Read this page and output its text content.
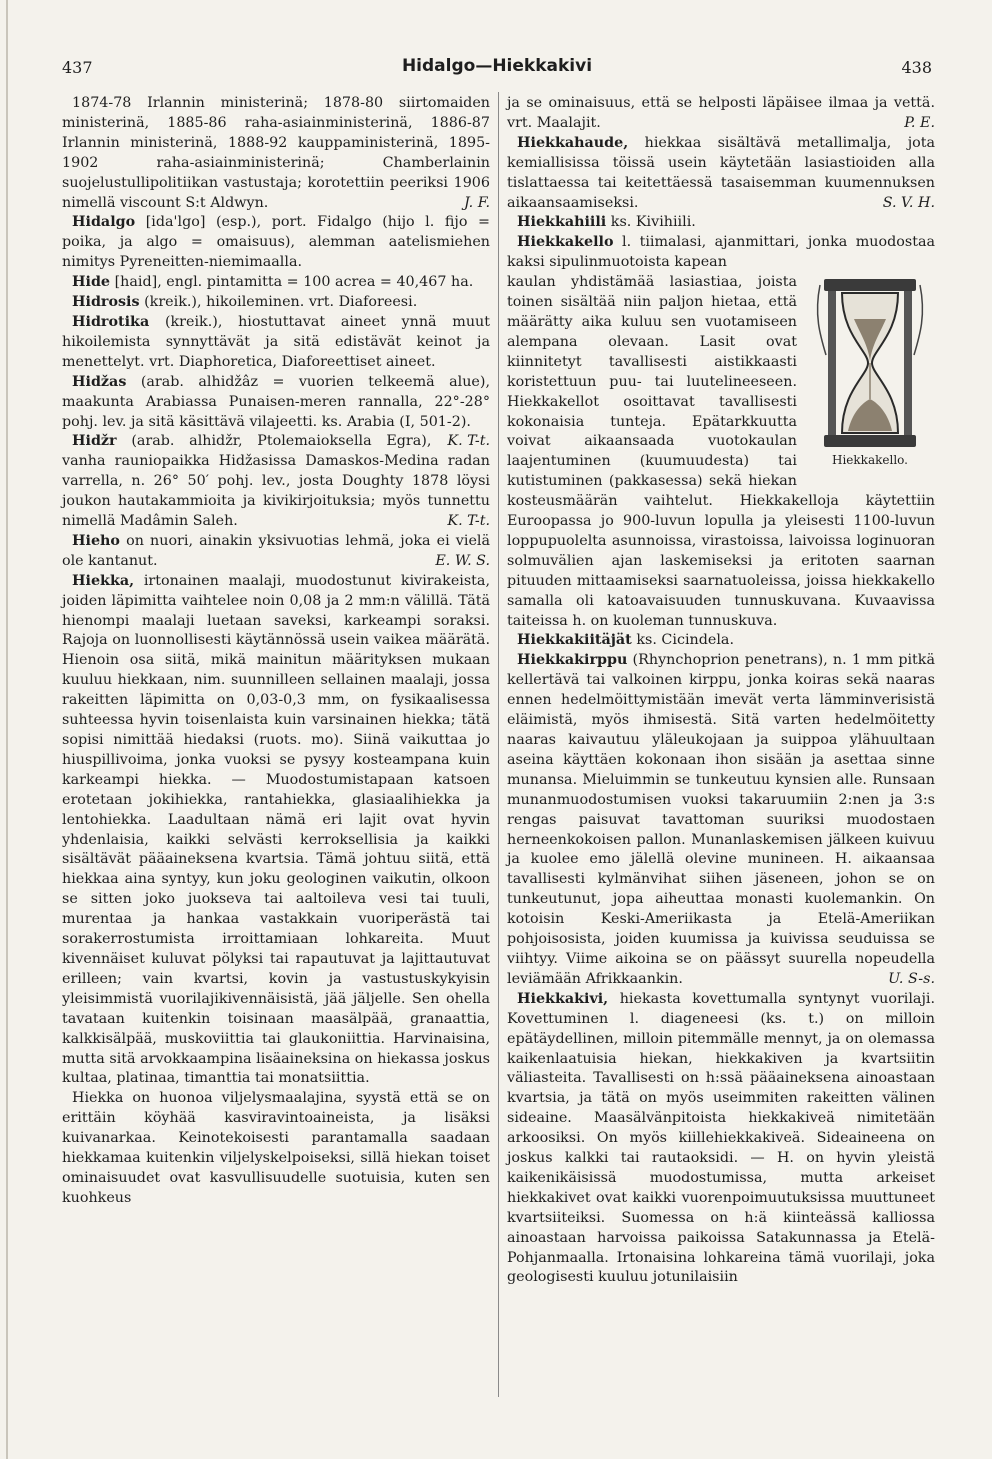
437	Hidalgo—Hiekkakivi	438

1874-78 Irlannin ministerinä; 1878-80 siirtomaiden ministerinä, 1885-86 raha-asiainministerinä, 1886-87 Irlannin ministerinä, 1888-92 kauppaministerinä, 1895-1902 raha-asiainministerinä; Chamberlainin suojelustullipolitiikan vastustaja; korotettiin peeriksi 1906 nimellä viscount S:t Aldwyn.	J. F.

Hidalgo [ida'lgo] (esp.), port. Fidalgo (hijo l. fijo = poika, ja algo = omaisuus), alemman aatelismiehen nimitys Pyreneitten-niemimaalla.

Hide [haid], engl. pintamitta = 100 acrea = 40,467 ha.

Hidrosis (kreik.), hikoileminen. vrt. Diaforeesi.

Hidrotika (kreik.), hiostuttavat aineet ynnä muut hikoilemista synnyttävät ja sitä edistävät keinot ja menettelyt. vrt. Diaphoretica, Diaforeettiset aineet.

Hidžas (arab. alhidžâz = vuorien telkeemä alue), maakunta Arabiassa Punaisen-meren rannalla, 22°-28° pohj. lev. ja sitä käsittävä vilajeetti. ks. Arabia (I, 501-2).
K. T-t.

Hidžr (arab. alhidžr, Ptolemaioksella Egra), vanha rauniopaikka Hidžasissa Damaskos-Medina radan varrella, n. 26° 50′ pohj. lev., josta Doughty 1878 löysi joukon hautakammioita ja kivikirjoituksia; myös tunnettu nimellä Madâmin Saleh.	K. T-t.

Hieho on nuori, ainakin yksivuotias lehmä, joka ei vielä ole kantanut.	E. W. S.

Hiekka, irtonainen maalaji, muodostunut kivirakeista, joiden läpimitta vaihtelee noin 0,08 ja 2 mm:n välillä. Tätä hienompi maalaji luetaan saveksi, karkeampi soraksi. Rajoja on luonnollisesti käytännössä usein vaikea määrätä. Hienoin osa siitä, mikä mainitun määrityksen mukaan kuuluu hiekkaan, nim. suunnilleen sellainen maalaji, jossa rakeitten läpimitta on 0,03-0,3 mm, on fysikaalisessa suhteessa hyvin toisenlaista kuin varsinainen hiekka; tätä sopisi nimittää hiedaksi (ruots. mo). Siinä vaikuttaa jo hiuspillivoima, jonka vuoksi se pysyy kosteampana kuin karkeampi hiekka. — Muodostumistapaan katsoen erotetaan jokihiekka, rantahiekka, glasiaalihiekka ja lentohiekka. Laadultaan nämä eri lajit ovat hyvin yhdenlaisia, kaikki selvästi kerroksellisia ja kaikki sisältävät pääaineksena kvartsia. Tämä johtuu siitä, että hiekkaa aina syntyy, kun joku geologinen vaikutin, olkoon se sitten joko juokseva tai aaltoileva vesi tai tuuli, murentaa ja hankaa vastakkain vuoriperästä tai sorakerrostumista irroittamiaan lohkareita. Muut kivennäiset kuluvat pölyksi tai rapautuvat ja lajittautuvat erilleen; vain kvartsi, kovin ja vastustuskykyisin yleisimmistä vuorilajikivennäisistä, jää jäljelle. Sen ohella tavataan kuitenkin toisinaan maasälpää, granaattia, kalkkisälpää, muskoviittia tai glaukoniittia. Harvinaisina, mutta sitä arvokkaampina lisäaineksina on hiekassa joskus kultaa, platinaa, timanttia tai monatsiittia.

Hiekka on huonoa viljelysmaalajina, syystä että se on erittäin köyhää kasviravintoaineista, ja lisäksi kuivanarkaa. Keinotekoisesti parantamalla saadaan hiekkamaa kuitenkin viljelyskelpoiseksi, sillä hiekan toiset ominaisuudet ovat kasvullisuudelle suotuisia, kuten sen kuohkeus

ja se ominaisuus, että se helposti läpäisee ilmaa ja vettä. vrt. Maalajit.	P. E.

Hiekkahaude, hiekkaa sisältävä metallimalja, jota kemiallisissa töissä usein käytetään lasiastioiden alla tislattaessa tai keitettäessä tasaisemman kuumennuksen aikaansaamiseksi.	S. V. H.

Hiekkahiili ks. Kivihiili.

Hiekkakello l. tiimalasi, ajanmittari, jonka muodostaa kaksi sipulinmuotoista kapean

Hiekkakello.

kaulan yhdistämää lasiastiaa, joista toinen sisältää niin paljon hietaa, että määrätty aika kuluu sen vuotamiseen alempana olevaan. Lasit ovat kiinnitetyt tavallisesti aistikkaasti koristettuun puu- tai luutelineeseen. Hiekkakellot osoittavat tavallisesti kokonaisia tunteja. Epätarkkuutta voivat aikaansaada vuotokaulan laajentuminen (kuumuudesta) tai kutistuminen (pakkasessa) sekä hiekan kosteusmäärän vaihtelut. Hiekkakelloja käytettiin Euroopassa jo 900-luvun lopulla ja yleisesti 1100-luvun loppupuolelta asunnoissa, virastoissa, laivoissa loginuoran solmuvälien ajan laskemiseksi ja eritoten saarnan pituuden mittaamiseksi saarnatuoleissa, joissa hiekkakello samalla oli katoavaisuuden tunnuskuvana. Kuvaavissa taiteissa h. on kuoleman tunnuskuva.

Hiekkakiitäjät ks. Cicindela.

Hiekkakirppu (Rhynchoprion penetrans), n. 1 mm pitkä kellertävä tai valkoinen kirppu, jonka koiras sekä naaras ennen hedelmöittymistään imevät verta lämminverisistä eläimistä, myös ihmisestä. Sitä varten hedelmöitetty naaras kaivautuu yläleukojaan ja suippoa ylähuultaan aseina käyttäen kokonaan ihon sisään ja asettaa sinne munansa. Mieluimmin se tunkeutuu kynsien alle. Runsaan munanmuodostumisen vuoksi takaruumiin 2:nen ja 3:s rengas paisuvat tavattoman suuriksi muodostaen herneenkokoisen pallon. Munanlaskemisen jälkeen kuivuu ja kuolee emo jälellä olevine munineen. H. aikaansaa tavallisesti kylmänvihat siihen jäseneen, johon se on tunkeutunut, jopa aiheuttaa monasti kuolemankin. On kotoisin Keski-Ameriikasta ja Etelä-Ameriikan pohjoisosista, joiden kuumissa ja kuivissa seuduissa se viihtyy. Viime aikoina se on päässyt suurella nopeudella leviämään Afrikkaankin.	U. S-s.

Hiekkakivi, hiekasta kovettumalla syntynyt vuorilaji. Kovettuminen l. diageneesi (ks. t.) on milloin epätäydellinen, milloin pitemmälle mennyt, ja on olemassa kaikenlaatuisia hiekan, hiekkakiven ja kvartsiitin väliasteita. Tavallisesti on h:ssä pääaineksena ainoastaan kvartsia, ja tätä on myös useimmiten rakeitten välinen sideaine. Maasälvänpitoista hiekkakiveä nimitetään arkoosiksi. On myös kiillehiekkakiveä. Sideaineena on joskus kalkki tai rautaoksidi. — H. on hyvin yleistä kaikenikäisissä muodostumissa, mutta arkeiset hiekkakivet ovat kaikki vuorenpoimuutuksissa muuttuneet kvartsiiteiksi. Suomessa on h:ä kiinteässä kalliossa ainoastaan harvoissa paikoissa Satakunnassa ja Etelä-Pohjanmaalla. Irtonaisina lohkareina tämä vuorilaji, joka geologisesti kuuluu jotunilaisiin
